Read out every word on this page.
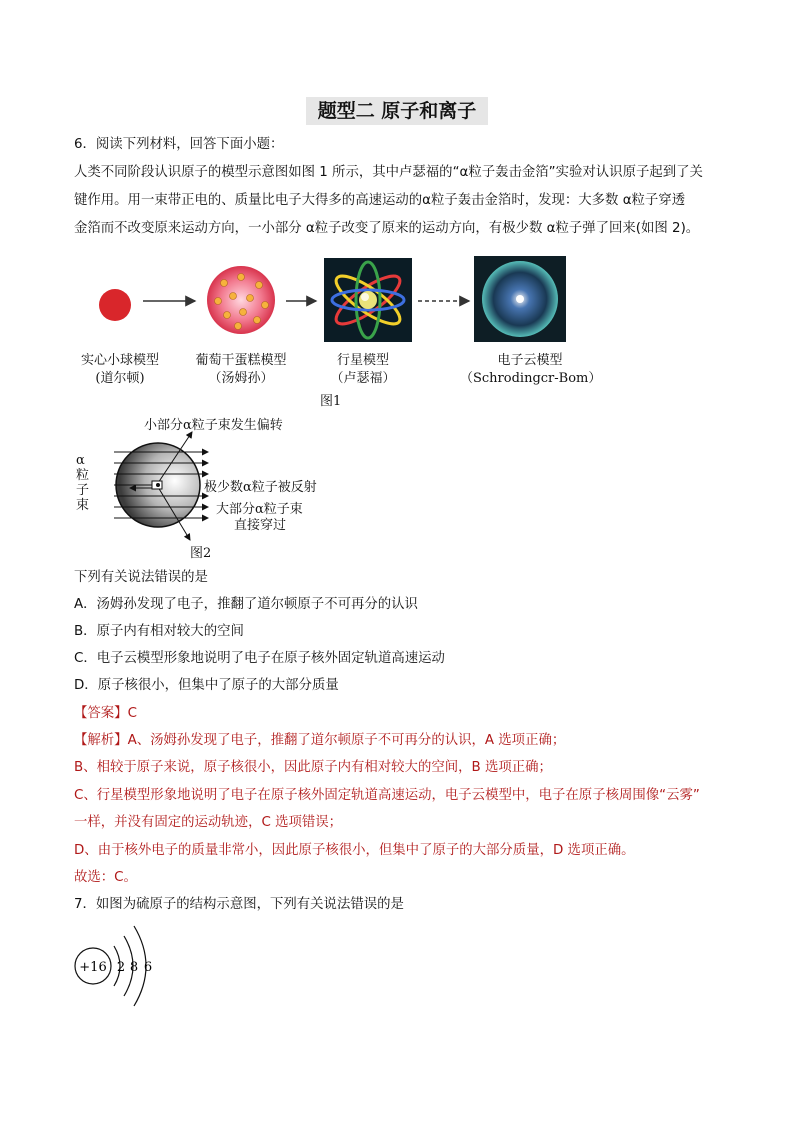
题型二 原子和离子
6．阅读下列材料，回答下面小题：
人类不同阶段认识原子的模型示意图如图 1 所示，其中卢瑟福的“α粒子轰击金箔”实验对认识原子起到了关
键作用。用一束带正电的、质量比电子大得多的高速运动的α粒子轰击金箔时，发现：大多数 α粒子穿透
金箔而不改变原来运动方向，一小部分 α粒子改变了原来的运动方向，有极少数 α粒子弹了回来(如图 2)。
实心小球模型
(道尔顿)
葡萄干蛋糕模型
（汤姆孙）
行星模型
（卢瑟福）
电子云模型
（Schrodingcr-Bom）
图1
小部分α粒子束发生偏转
α
粒
子
束
极少数α粒子被反射
大部分α粒子束
直接穿过
图2
下列有关说法错误的是
A．汤姆孙发现了电子，推翻了道尔顿原子不可再分的认识
B．原子内有相对较大的空间
C．电子云模型形象地说明了电子在原子核外固定轨道高速运动
D．原子核很小，但集中了原子的大部分质量
【答案】C
【解析】A、汤姆孙发现了电子，推翻了道尔顿原子不可再分的认识，A 选项正确；
B、相较于原子来说，原子核很小，因此原子内有相对较大的空间，B 选项正确；
C、行星模型形象地说明了电子在原子核外固定轨道高速运动，电子云模型中，电子在原子核周围像“云雾”
一样，并没有固定的运动轨迹，C 选项错误；
D、由于核外电子的质量非常小，因此原子核很小，但集中了原子的大部分质量，D 选项正确。
故选：C。
7．如图为硫原子的结构示意图，下列有关说法错误的是
+16 2 8 6
